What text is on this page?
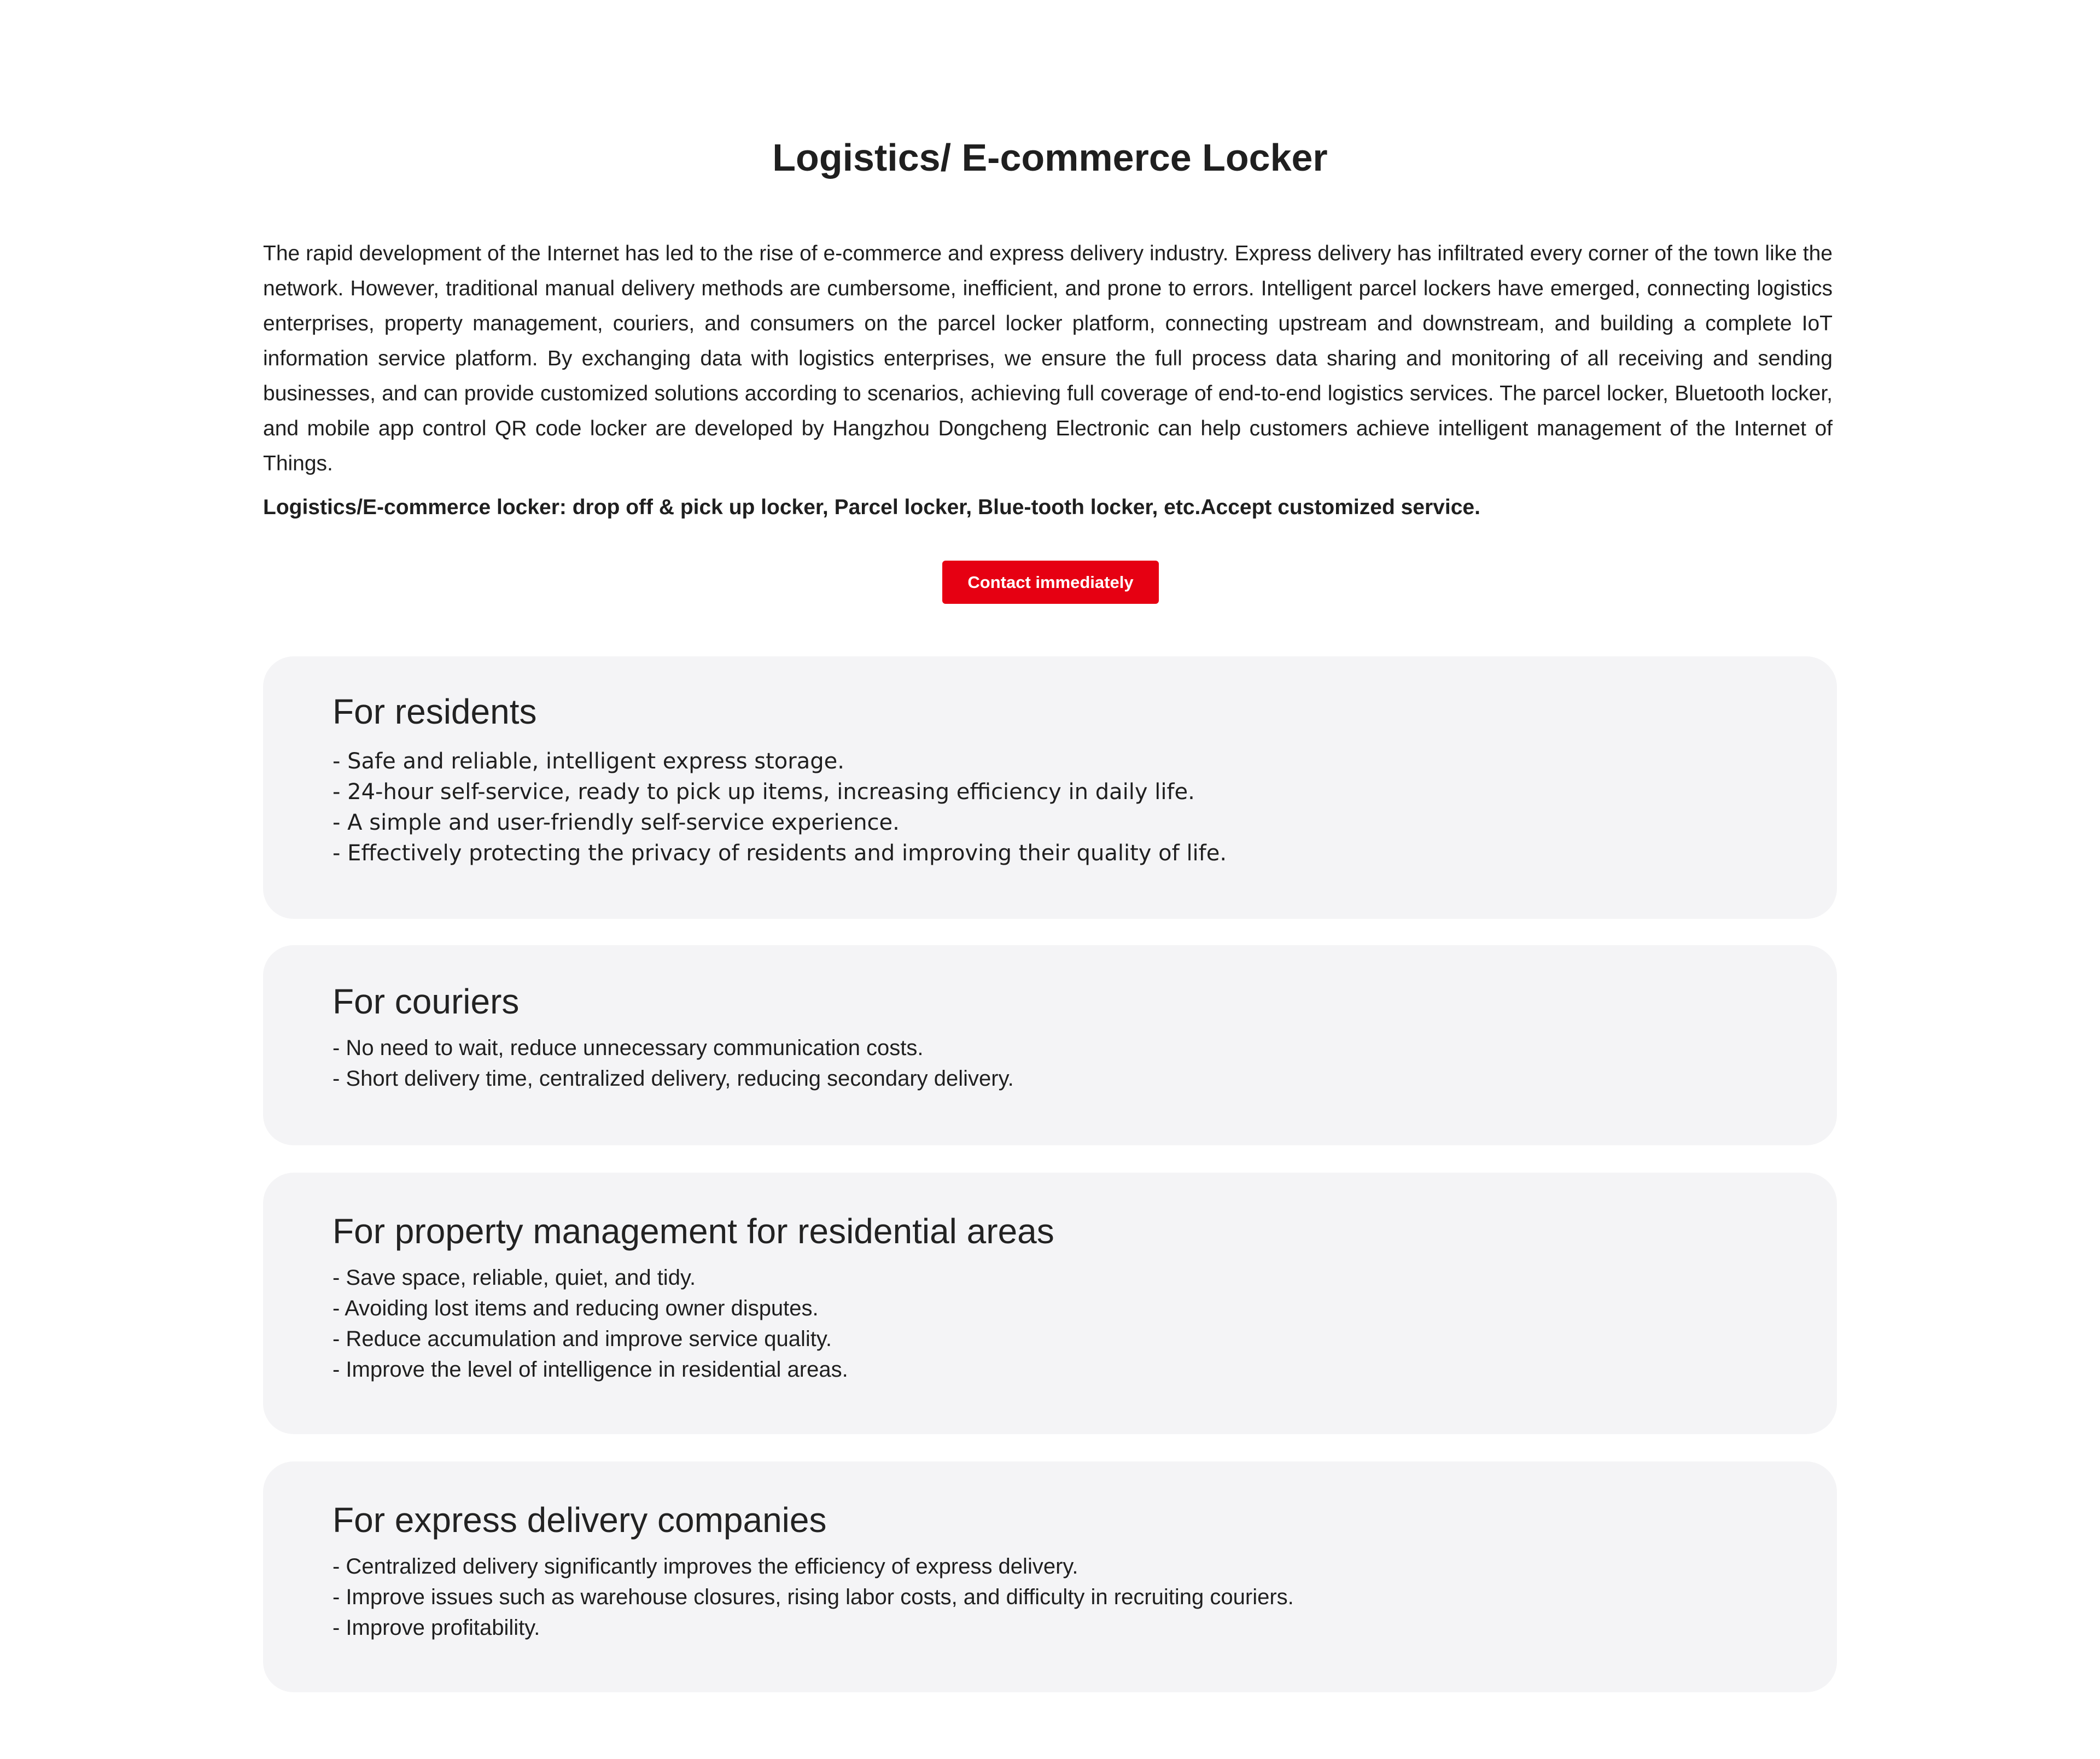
Logistics/ E-commerce Locker

The rapid development of the Internet has led to the rise of e-commerce and express delivery industry. Express delivery has infiltrated every corner of the town like the network. However, traditional manual delivery methods are cumbersome, inefficient, and prone to errors. Intelligent parcel lockers have emerged, connecting logistics enterprises, property management, couriers, and consumers on the parcel locker platform, connecting upstream and downstream, and building a complete IoT information service platform. By exchanging data with logistics enterprises, we ensure the full process data sharing and monitoring of all receiving and sending businesses, and can provide customized solutions according to scenarios, achieving full coverage of end-to-end logistics services. The parcel locker, Bluetooth locker, and mobile app control QR code locker are developed by Hangzhou Dongcheng Electronic can help customers achieve intelligent management of the Internet of Things.

Logistics/E-commerce locker: drop off & pick up locker, Parcel locker, Blue-tooth locker, etc.Accept customized service.

Contact immediately
For residents
- Safe and reliable, intelligent express storage.
- 24-hour self-service, ready to pick up items, increasing efficiency in daily life.
- A simple and user-friendly self-service experience.
- Effectively protecting the privacy of residents and improving their quality of life.
For couriers
- No need to wait, reduce unnecessary communication costs.
- Short delivery time, centralized delivery, reducing secondary delivery.
For property management for residential areas
- Save space, reliable, quiet, and tidy.
- Avoiding lost items and reducing owner disputes.
- Reduce accumulation and improve service quality.
- Improve the level of intelligence in residential areas.
For express delivery companies
- Centralized delivery significantly improves the efficiency of express delivery.
- Improve issues such as warehouse closures, rising labor costs, and difficulty in recruiting couriers.
- Improve profitability.
